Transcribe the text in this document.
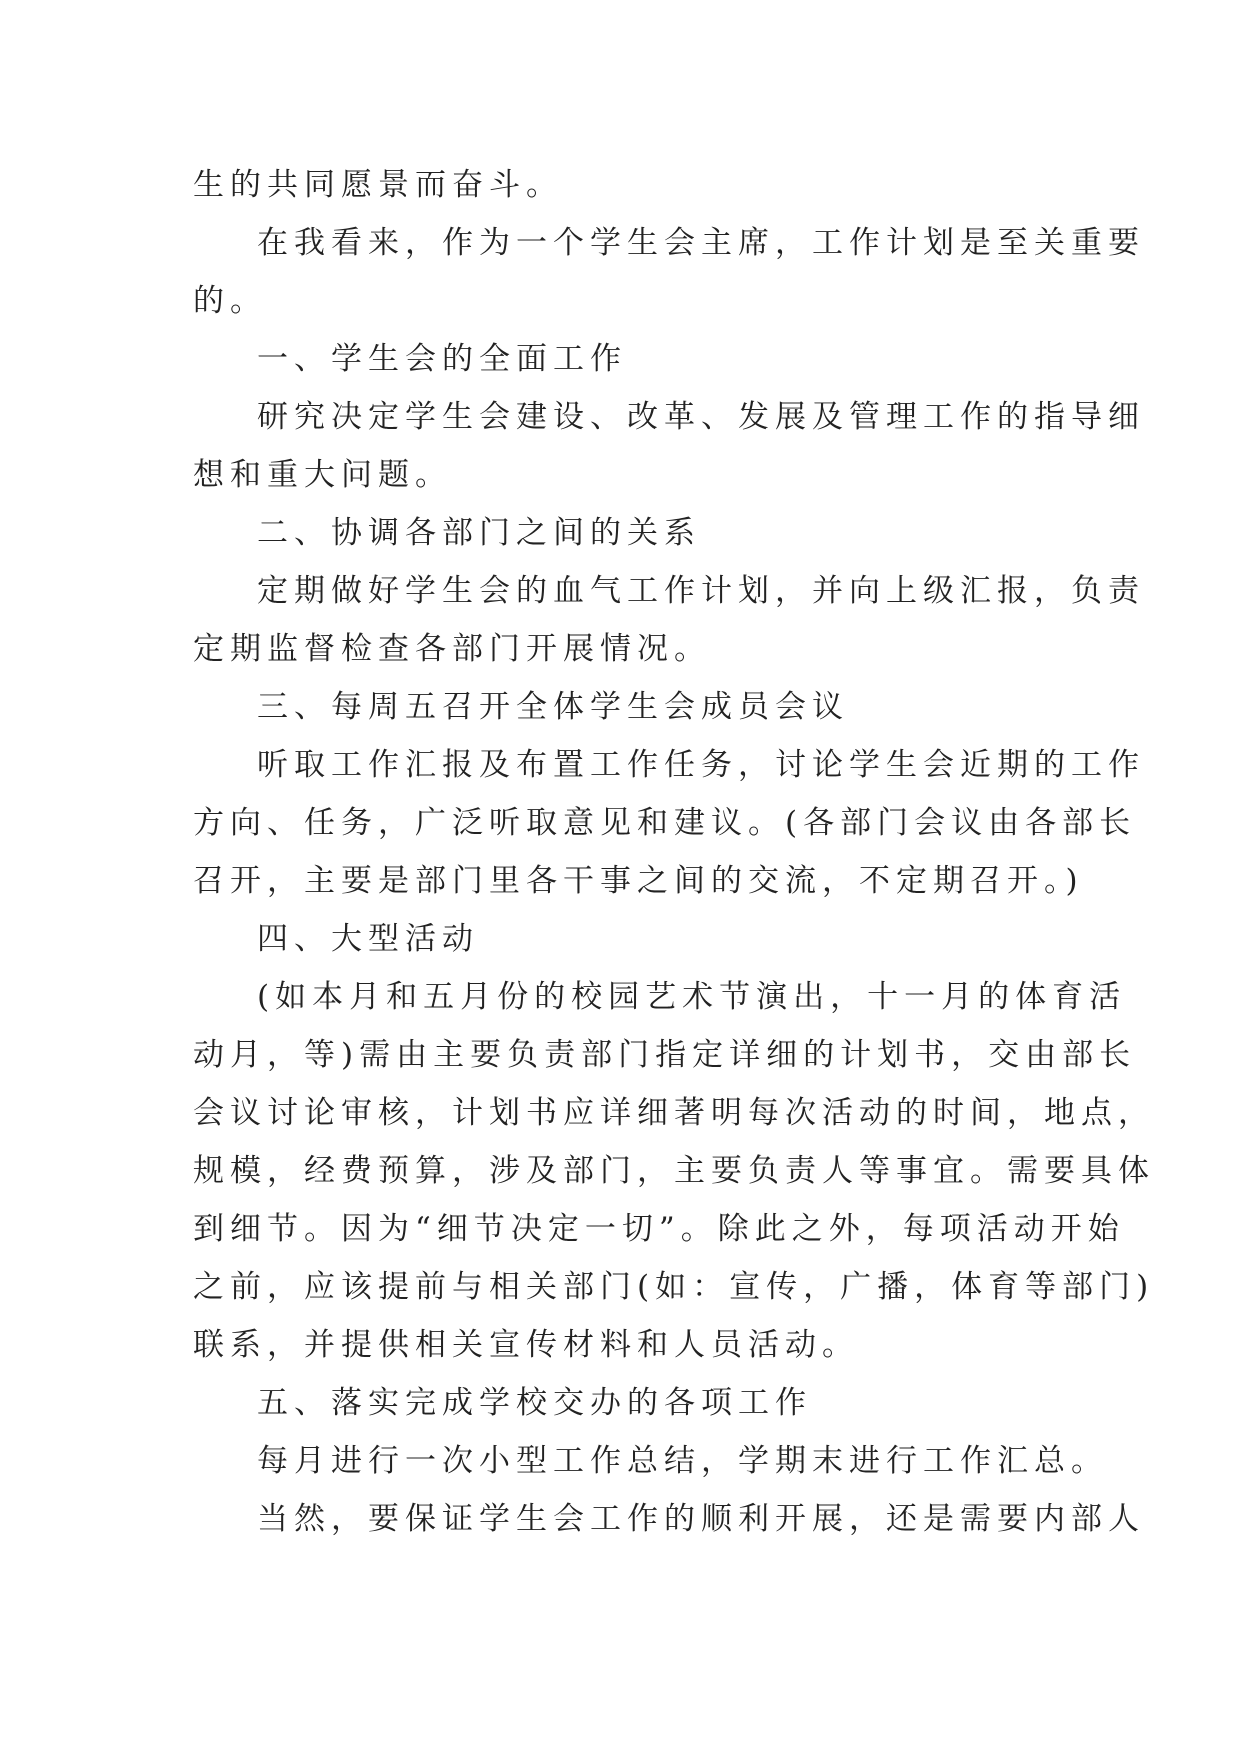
生的共同愿景而奋斗。
在我看来，作为一个学生会主席，工作计划是至关重要
的。
一、学生会的全面工作
研究决定学生会建设、改革、发展及管理工作的指导细
想和重大问题。
二、协调各部门之间的关系
定期做好学生会的血气工作计划，并向上级汇报，负责
定期监督检查各部门开展情况。
三、每周五召开全体学生会成员会议
听取工作汇报及布置工作任务，讨论学生会近期的工作
方向、任务，广泛听取意见和建议。(各部门会议由各部长
召开，主要是部门里各干事之间的交流，不定期召开。)
四、大型活动
(如本月和五月份的校园艺术节演出，十一月的体育活
动月，等)需由主要负责部门指定详细的计划书，交由部长
会议讨论审核，计划书应详细著明每次活动的时间，地点，
规模，经费预算，涉及部门，主要负责人等事宜。需要具体
到细节。因为“细节决定一切”。除此之外，每项活动开始
之前，应该提前与相关部门(如：宣传，广播，体育等部门)
联系，并提供相关宣传材料和人员活动。
五、落实完成学校交办的各项工作
每月进行一次小型工作总结，学期末进行工作汇总。
当然，要保证学生会工作的顺利开展，还是需要内部人
